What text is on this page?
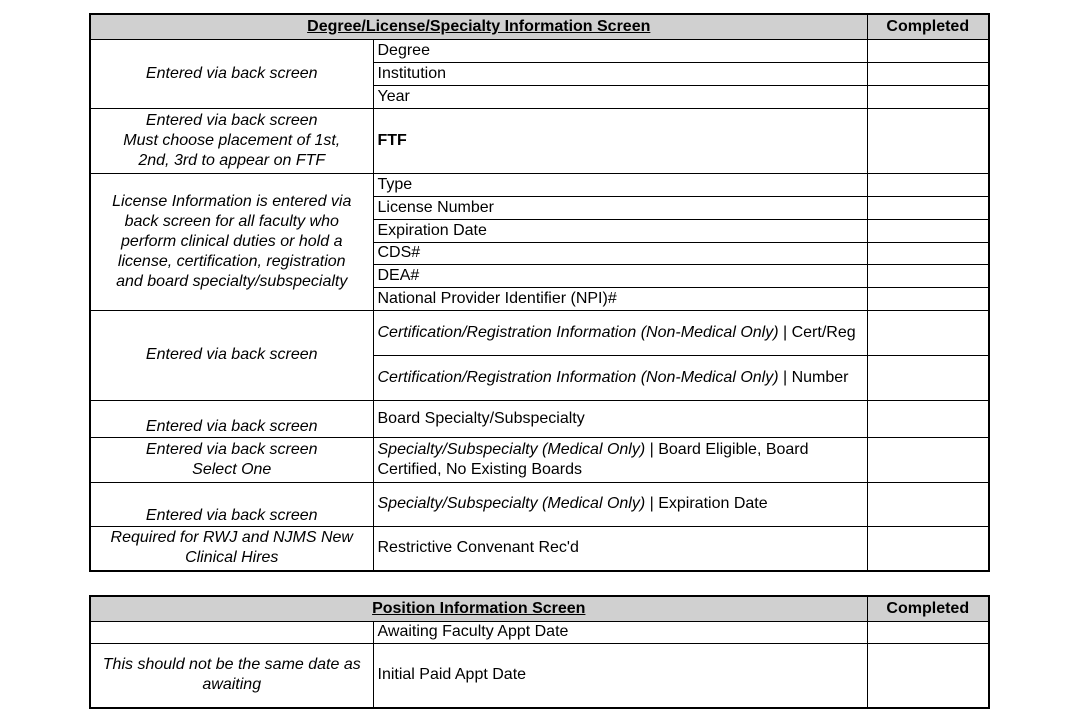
Degree/License/Specialty Information Screen		Completed
Entered via back screen	Degree	
	Institution	
	Year	

Entered via back screen
Must choose placement of 1st,
2nd, 3rd to appear on FTF	FTF	

License Information is entered via
back screen for all faculty who
perform clinical duties or hold a
license, certification, registration
and board specialty/subspecialty	Type	
	License Number	
	Expiration Date	
	CDS#	
	DEA#	
	National Provider Identifier (NPI)#	
Entered via back screen	Certification/Registration Information (Non-Medical Only) | Cert/Reg	
	Certification/Registration Information (Non-Medical Only) | Number	
Entered via back screen	Board Specialty/Subspecialty	

Entered via back screen
Select One	Specialty/Subspecialty (Medical Only) | Board Eligible, Board Certified, No Existing Boards	
Entered via back screen	Specialty/Subspecialty (Medical Only) | Expiration Date	

Required for RWJ and NJMS New
Clinical Hires	Restrictive Convenant Rec'd	
Position Information Screen		Completed
	Awaiting Faculty Appt Date	
This should not be the same date as awaiting	Initial Paid Appt Date	
